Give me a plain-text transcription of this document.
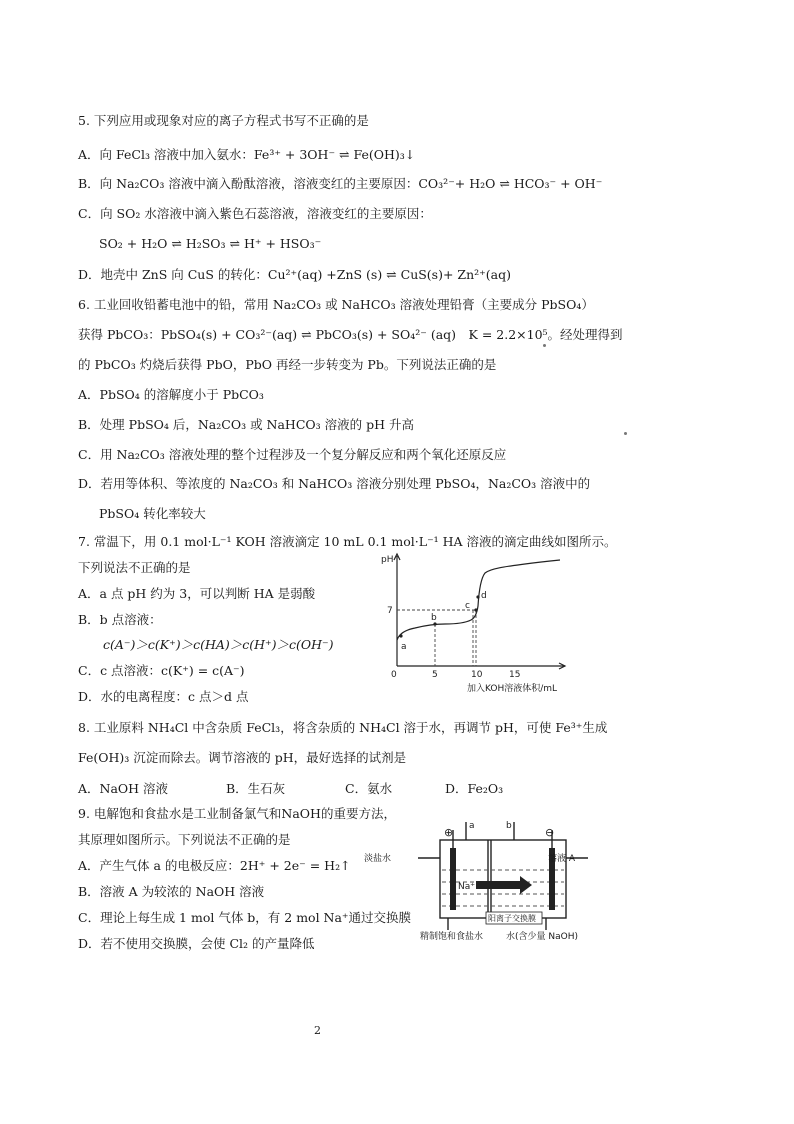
5. 下列应用或现象对应的离子方程式书写不正确的是
A．向 FeCl₃ 溶液中加入氨水：Fe³⁺ + 3OH⁻ ⇌ Fe(OH)₃↓
B．向 Na₂CO₃ 溶液中滴入酚酞溶液，溶液变红的主要原因：CO₃²⁻+ H₂O ⇌ HCO₃⁻ + OH⁻
C．向 SO₂ 水溶液中滴入紫色石蕊溶液，溶液变红的主要原因：
SO₂ + H₂O ⇌ H₂SO₃ ⇌ H⁺ + HSO₃⁻
D．地壳中 ZnS 向 CuS 的转化：Cu²⁺(aq) +ZnS (s) ⇌ CuS(s)+ Zn²⁺(aq)
6. 工业回收铅蓄电池中的铅，常用 Na₂CO₃ 或 NaHCO₃ 溶液处理铅膏（主要成分 PbSO₄）
获得 PbCO₃：PbSO₄(s) + CO₃²⁻(aq) ⇌ PbCO₃(s) + SO₄²⁻ (aq)　K = 2.2×10⁵。经处理得到
的 PbCO₃ 灼烧后获得 PbO，PbO 再经一步转变为 Pb。下列说法正确的是
A．PbSO₄ 的溶解度小于 PbCO₃
B．处理 PbSO₄ 后，Na₂CO₃ 或 NaHCO₃ 溶液的 pH 升高
C．用 Na₂CO₃ 溶液处理的整个过程涉及一个复分解反应和两个氧化还原反应
D．若用等体积、等浓度的 Na₂CO₃ 和 NaHCO₃ 溶液分别处理 PbSO₄，Na₂CO₃ 溶液中的
PbSO₄ 转化率较大
7. 常温下，用 0.1 mol·L⁻¹ KOH 溶液滴定 10 mL 0.1 mol·L⁻¹ HA 溶液的滴定曲线如图所示。
下列说法不正确的是
A．a 点 pH 约为 3，可以判断 HA 是弱酸
B．b 点溶液：
c(A⁻)＞c(K⁺)＞c(HA)＞c(H⁺)＞c(OH⁻)
C．c 点溶液：c(K⁺) = c(A⁻)
D．水的电离程度：c 点＞d 点
pH
7
0	5	10	15
加入KOH溶液体积/mL
a
b
c
d
8. 工业原料 NH₄Cl 中含杂质 FeCl₃，将含杂质的 NH₄Cl 溶于水，再调节 pH，可使 Fe³⁺生成
Fe(OH)₃ 沉淀而除去。调节溶液的 pH，最好选择的试剂是
A．NaOH 溶液	B．生石灰	C．氨水	D．Fe₂O₃
9. 电解饱和食盐水是工业制备氯气和NaOH的重要方法，
其原理如图所示。下列说法不正确的是
A．产生气体 a 的电极反应：2H⁺ + 2e⁻ = H₂↑
B．溶液 A 为较浓的 NaOH 溶液
C．理论上每生成 1 mol 气体 b，有 2 mol Na⁺通过交换膜
D．若不使用交换膜，会使 Cl₂ 的产量降低
⊕	⊖
a	b
Na⁺
阳离子交换膜
淡盐水	溶液 A
精制饱和食盐水	水(含少量 NaOH)
2
